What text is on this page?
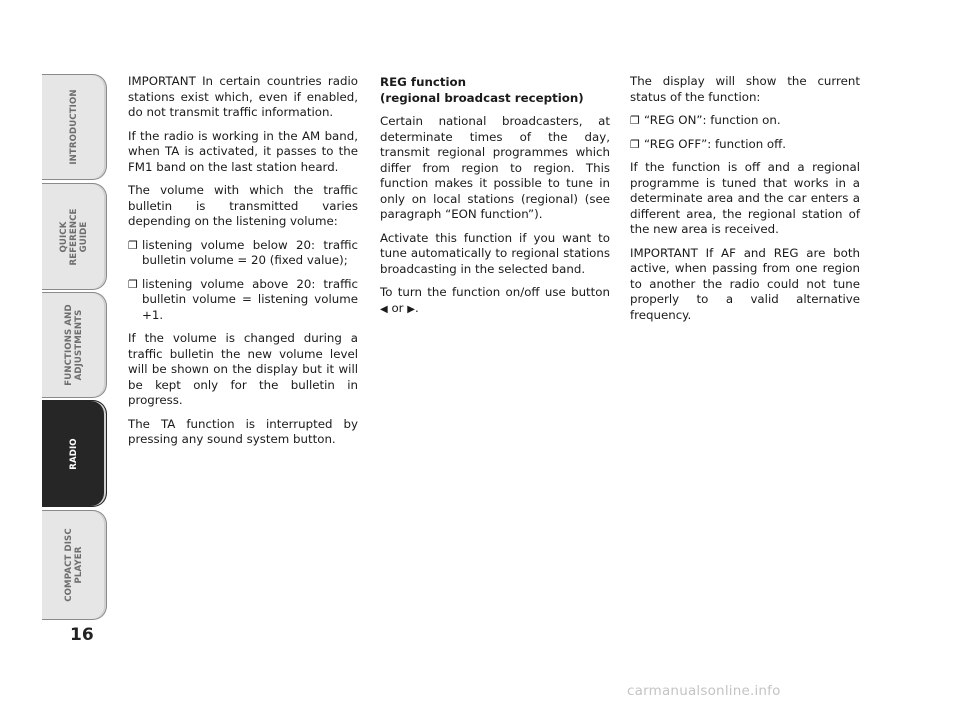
INTRODUCTION
QUICK REFERENCE GUIDE
FUNCTIONS AND ADJUSTMENTS
RADIO
COMPACT DISC PLAYER
16

IMPORTANT In certain countries radio stations exist which, even if enabled, do not transmit traffic information.

If the radio is working in the AM band, when TA is activated, it passes to the FM1 band on the last station heard.

The volume with which the traffic bulletin is transmitted varies depending on the listening volume:

❐ listening volume below 20: traffic bulletin volume = 20 (fixed value);

❐ listening volume above 20: traffic bulletin volume = listening volume +1.

If the volume is changed during a traffic bulletin the new volume level will be shown on the display but it will be kept only for the bulletin in progress.

The TA function is interrupted by pressing any sound system button.

REG function
(regional broadcast reception)

Certain national broadcasters, at determinate times of the day, transmit regional programmes which differ from region to region. This function makes it possible to tune in only on local stations (regional) (see paragraph “EON function”).

Activate this function if you want to tune automatically to regional stations broadcasting in the selected band.

To turn the function on/off use button ◀ or ▶.

The display will show the current status of the function:

❐ “REG ON”: function on.

❐ “REG OFF”: function off.

If the function is off and a regional programme is tuned that works in a determinate area and the car enters a different area, the regional station of the new area is received.

IMPORTANT If AF and REG are both active, when passing from one region to another the radio could not tune properly to a valid alternative frequency.

carmanualsonline.info
